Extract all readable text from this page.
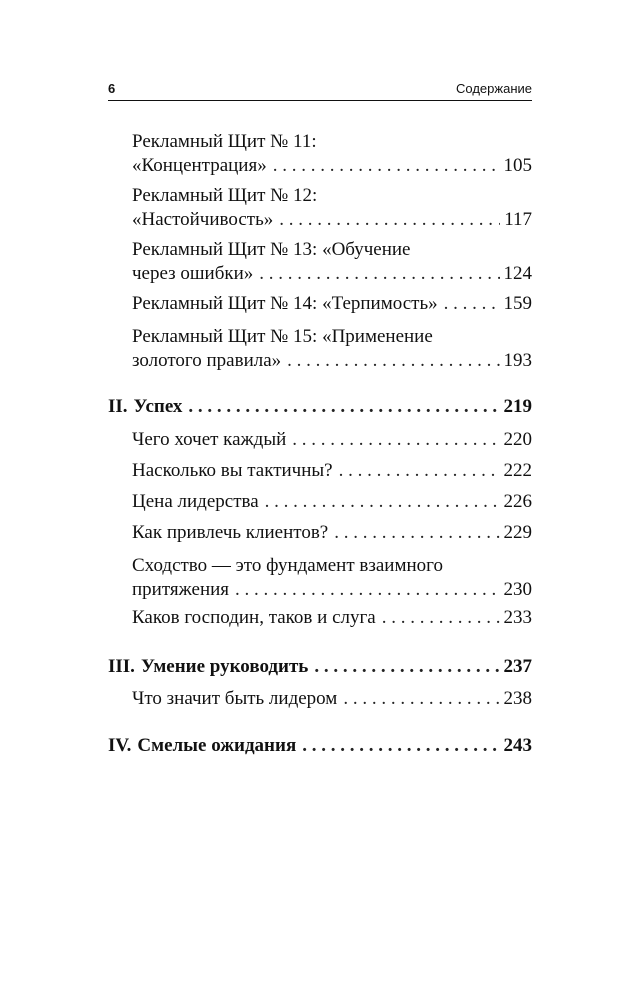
6	Содержание
Рекламный Щит № 11:
«Концентрация» . . .	105
Рекламный Щит № 12:
«Настойчивость» . . .	117
Рекламный Щит № 13: «Обучение
через ошибки» . . .	124
Рекламный Щит № 14: «Терпимость» . . .	159
Рекламный Щит № 15: «Применение
золотого правила» . . .	193
II. Успех . . .	219
Чего хочет каждый . . .	220
Насколько вы тактичны? . . .	222
Цена лидерства . . .	226
Как привлечь клиентов? . . .	229
Сходство — это фундамент взаимного
притяжения . . .	230
Каков господин, таков и слуга . . .	233
III. Умение руководить . . .	237
Что значит быть лидером . . .	238
IV. Смелые ожидания . . .	243
